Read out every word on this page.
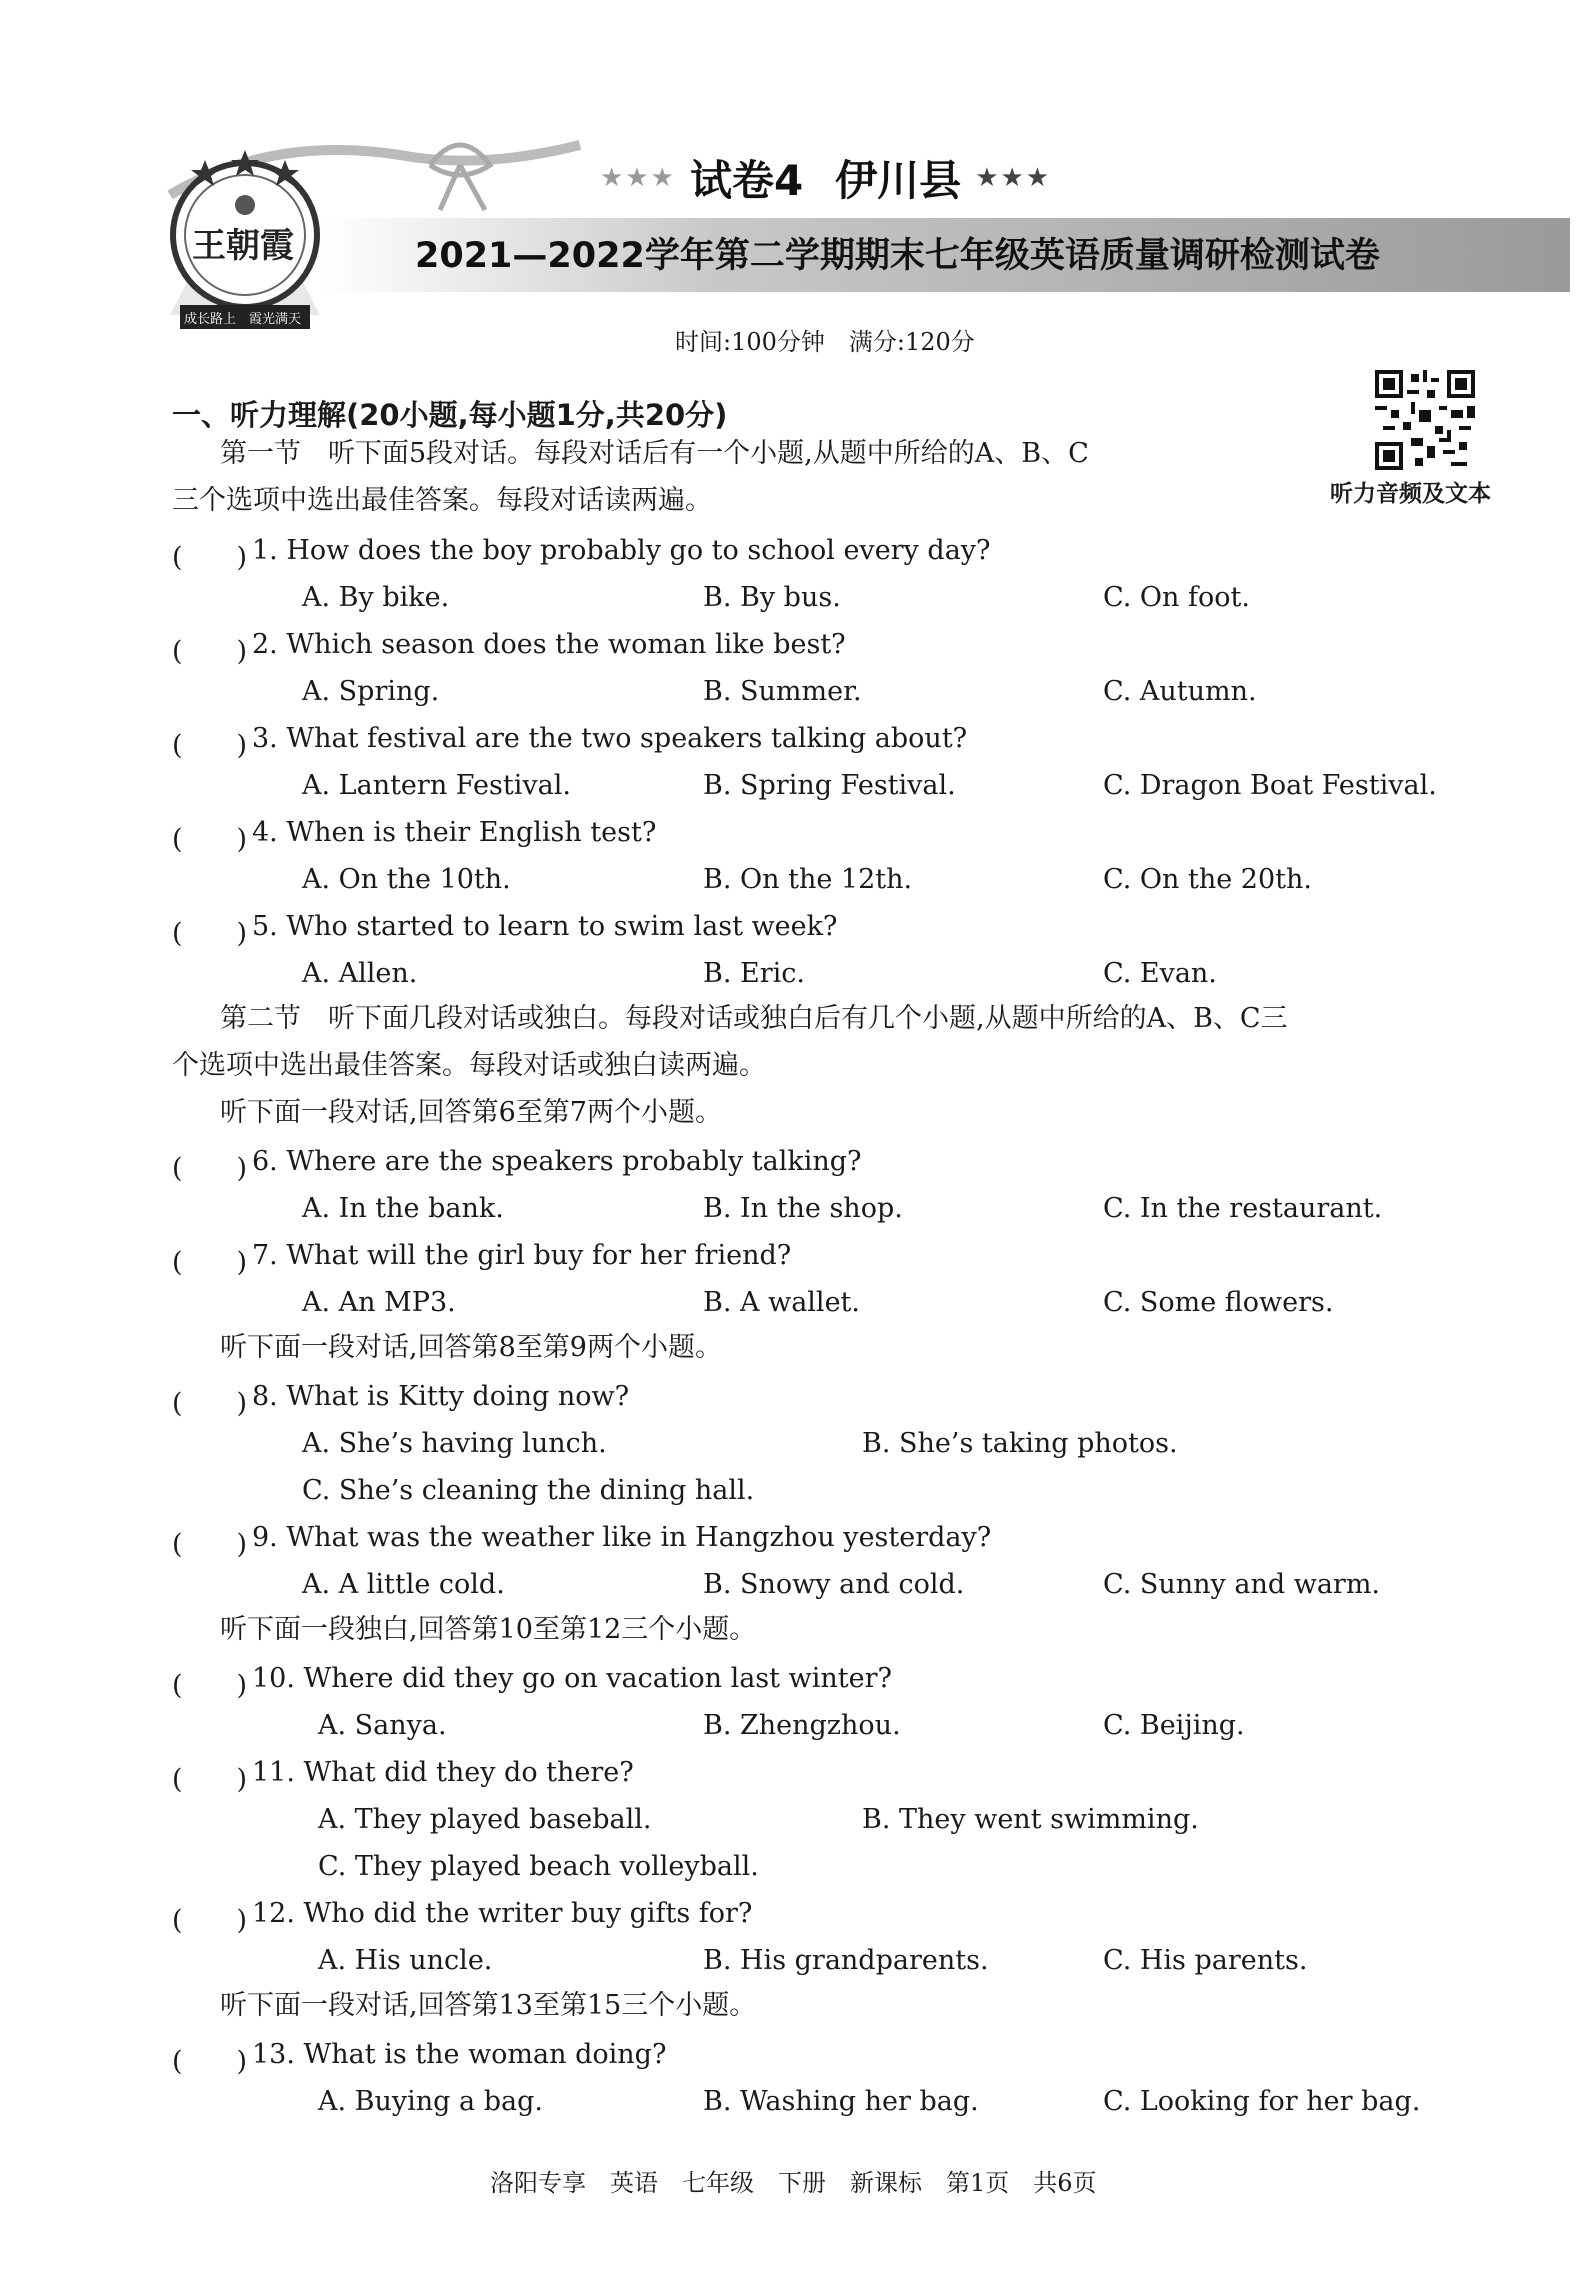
王朝霞
成长路上　霞光满天
★★★ 试卷4 伊川县 ★★★
2021—2022学年第二学期期末七年级英语质量调研检测试卷
时间:100分钟　满分:120分
听力音频及文本
一、听力理解(20小题,每小题1分,共20分)
第一节　听下面5段对话。每段对话后有一个小题,从题中所给的A、B、C
三个选项中选出最佳答案。每段对话读两遍。
(　　) 1. How does the boy probably go to school every day?
A. By bike.	B. By bus.	C. On foot.
(　　) 2. Which season does the woman like best?
A. Spring.	B. Summer.	C. Autumn.
(　　) 3. What festival are the two speakers talking about?
A. Lantern Festival.	B. Spring Festival.	C. Dragon Boat Festival.
(　　) 4. When is their English test?
A. On the 10th.	B. On the 12th.	C. On the 20th.
(　　) 5. Who started to learn to swim last week?
A. Allen.	B. Eric.	C. Evan.
第二节　听下面几段对话或独白。每段对话或独白后有几个小题,从题中所给的A、B、C三
个选项中选出最佳答案。每段对话或独白读两遍。
听下面一段对话,回答第6至第7两个小题。
(　　) 6. Where are the speakers probably talking?
A. In the bank.	B. In the shop.	C. In the restaurant.
(　　) 7. What will the girl buy for her friend?
A. An MP3.	B. A wallet.	C. Some flowers.
听下面一段对话,回答第8至第9两个小题。
(　　) 8. What is Kitty doing now?
A. She’s having lunch.	B. She’s taking photos.
C. She’s cleaning the dining hall.
(　　) 9. What was the weather like in Hangzhou yesterday?
A. A little cold.	B. Snowy and cold.	C. Sunny and warm.
听下面一段独白,回答第10至第12三个小题。
(　　) 10. Where did they go on vacation last winter?
A. Sanya.	B. Zhengzhou.	C. Beijing.
(　　) 11. What did they do there?
A. They played baseball.	B. They went swimming.
C. They played beach volleyball.
(　　) 12. Who did the writer buy gifts for?
A. His uncle.	B. His grandparents.	C. His parents.
听下面一段对话,回答第13至第15三个小题。
(　　) 13. What is the woman doing?
A. Buying a bag.	B. Washing her bag.	C. Looking for her bag.
洛阳专享　英语　七年级　下册　新课标　第1页　共6页
